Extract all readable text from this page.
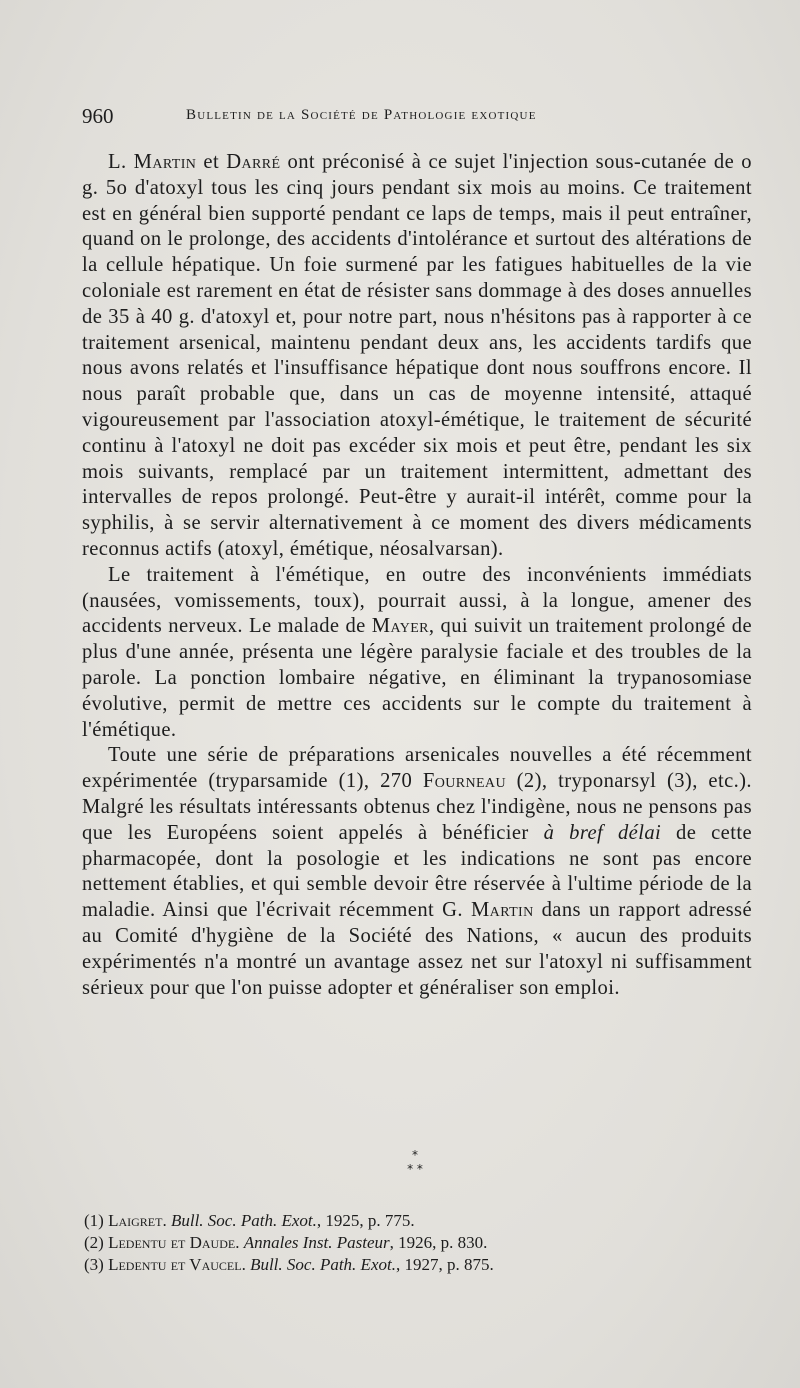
960	Bulletin de la Société de Pathologie exotique

L. Martin et Darré ont préconisé à ce sujet l'injection sous-cutanée de o g. 5o d'atoxyl tous les cinq jours pendant six mois au moins. Ce traitement est en général bien supporté pendant ce laps de temps, mais il peut entraîner, quand on le prolonge, des accidents d'intolérance et surtout des altérations de la cellule hépatique. Un foie surmené par les fatigues habituelles de la vie coloniale est rarement en état de résister sans dommage à des doses annuelles de 35 à 40 g. d'atoxyl et, pour notre part, nous n'hésitons pas à rapporter à ce traitement arsenical, maintenu pendant deux ans, les accidents tardifs que nous avons relatés et l'insuffisance hépatique dont nous souffrons encore. Il nous paraît probable que, dans un cas de moyenne intensité, attaqué vigoureusement par l'association atoxyl-émétique, le traitement de sécurité continu à l'atoxyl ne doit pas excéder six mois et peut être, pendant les six mois suivants, remplacé par un traitement intermittent, admettant des intervalles de repos prolongé. Peut-être y aurait-il intérêt, comme pour la syphilis, à se servir alternativement à ce moment des divers médicaments reconnus actifs (atoxyl, émétique, néosalvarsan).

Le traitement à l'émétique, en outre des inconvénients immédiats (nausées, vomissements, toux), pourrait aussi, à la longue, amener des accidents nerveux. Le malade de Mayer, qui suivit un traitement prolongé de plus d'une année, présenta une légère paralysie faciale et des troubles de la parole. La ponction lombaire négative, en éliminant la trypanosomiase évolutive, permit de mettre ces accidents sur le compte du traitement à l'émétique.

Toute une série de préparations arsenicales nouvelles a été récemment expérimentée (tryparsamide (1), 270 Fourneau (2), tryponarsyl (3), etc.). Malgré les résultats intéressants obtenus chez l'indigène, nous ne pensons pas que les Européens soient appelés à bénéficier à bref délai de cette pharmacopée, dont la posologie et les indications ne sont pas encore nettement établies, et qui semble devoir être réservée à l'ultime période de la maladie. Ainsi que l'écrivait récemment G. Martin dans un rapport adressé au Comité d'hygiène de la Société des Nations, « aucun des produits expérimentés n'a montré un avantage assez net sur l'atoxyl ni suffisamment sérieux pour que l'on puisse adopter et généraliser son emploi.

*
* *
(1) Laigret. Bull. Soc. Path. Exot., 1925, p. 775.
(2) Ledentu et Daude. Annales Inst. Pasteur, 1926, p. 830.
(3) Ledentu et Vaucel. Bull. Soc. Path. Exot., 1927, p. 875.
